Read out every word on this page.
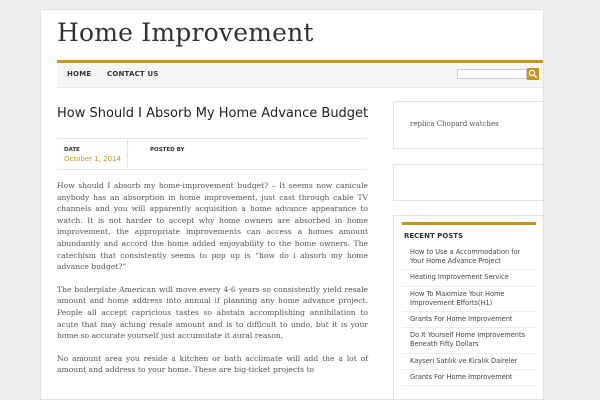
Home Improvement
HOME CONTACT US
How Should I Absorb My Home Advance Budget
DATE
October 1, 2014
POSTED BY

How should I absorb my home-improvement budget? – It seems now canicule anybody has an absorption in home improvement, just cast through cable TV channels and you will apparently acquisition a home advance appearance to watch. It is not harder to accept why home owners are absorbed in home improvement, the appropriate improvements can access a homes amount abundantly and accord the home added enjoyability to the home owners. The catechism that consistently seems to pop up is “how do i absorb my home advance budget?”

The boilerplate American will move every 4-6 years so consistently yield resale amount and home address into annual if planning any home advance project. People all accept capricious tastes so abstain accomplishing annihilation to acute that may aching resale amount and is to difficult to undo, but it is your home so accurate yourself just accumulate it aural reason,

No amount area you reside a kitchen or bath acclimate will add the a lot of amount and address to your home. These are big-ticket projects to

replica Chopard watches
RECENT POSTS
How to Use a Accommodation for Your Home Advance Project
Heating Improvement Service
How To Maximize Your Home Improvement Efforts(H1)
Grants For Home Improvement
Do It Yourself Home Improvements Beneath Fifty Dollars
Kayseri Satılık ve Kiralık Daireler
Grants For Home Improvement
